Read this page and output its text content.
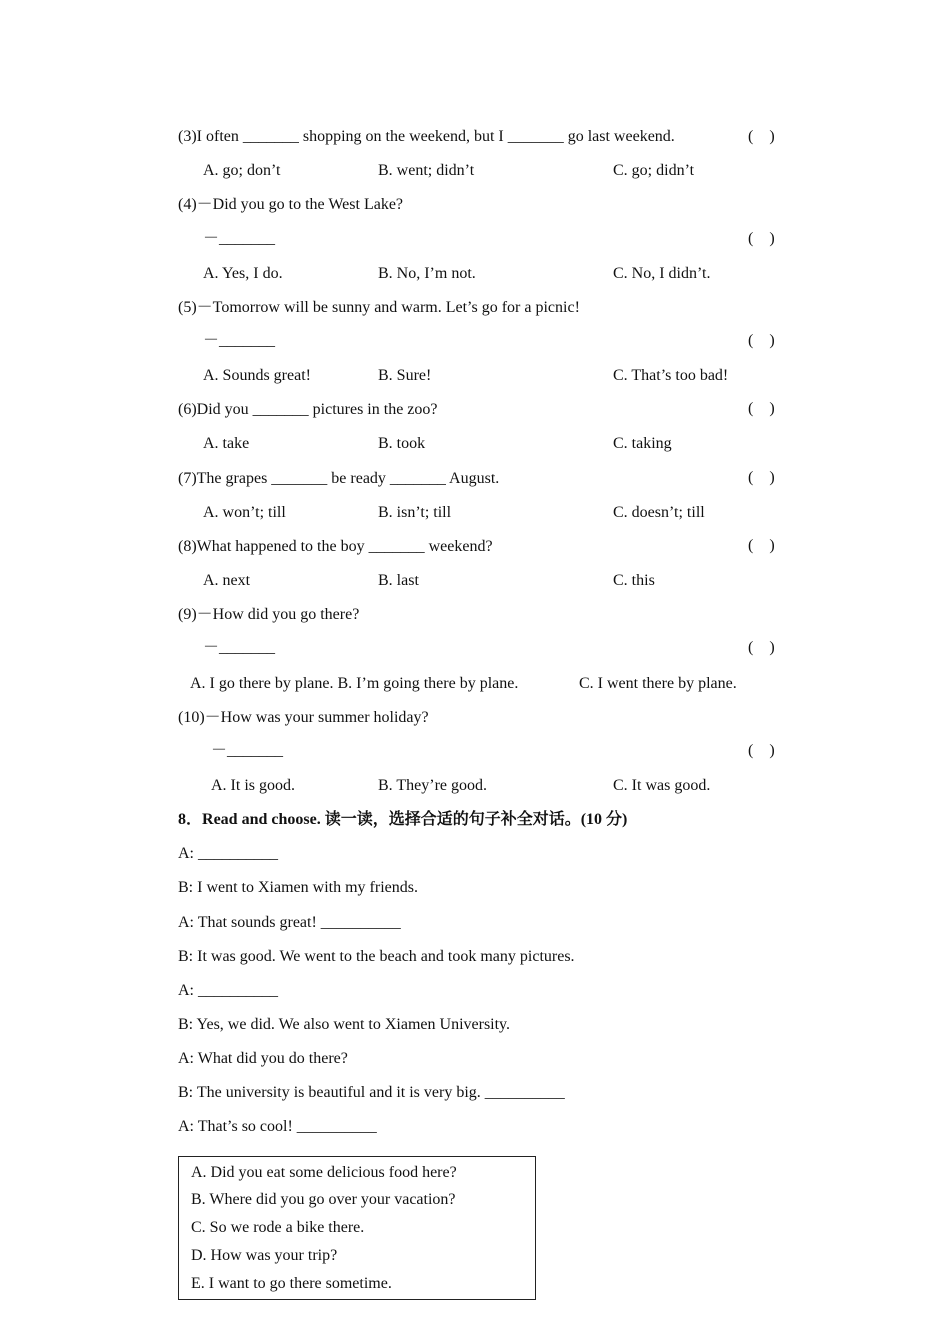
(3)I often _______ shopping on the weekend, but I _______ go last weekend.	(    )
A. go; don’t	B. went; didn’t	C. go; didn’t
(4)－Did you go to the West Lake?
－_______	(    )
A. Yes, I do.	B. No, I’m not.	C. No, I didn’t.
(5)－Tomorrow will be sunny and warm. Let’s go for a picnic!
－_______	(    )
A. Sounds great!	B. Sure!	C. That’s too bad!
(6)Did you _______ pictures in the zoo?	(    )
A. take	B. took	C. taking
(7)The grapes _______ be ready _______ August.	(    )
A. won’t; till	B. isn’t; till	C. doesn’t; till
(8)What happened to the boy _______ weekend?	(    )
A. next	B. last	C. this
(9)－How did you go there?
－_______	(    )
A. I go there by plane. B. I’m going there by plane.	C. I went there by plane.
(10)－How was your summer holiday?
－_______	(    )
A. It is good.	B. They’re good.	C. It was good.
8．Read and choose. 读一读，选择合适的句子补全对话。(10 分)
A: __________
B: I went to Xiamen with my friends.
A: That sounds great! __________
B: It was good. We went to the beach and took many pictures.
A: __________
B: Yes, we did. We also went to Xiamen University.
A: What did you do there?
B: The university is beautiful and it is very big. __________
A: That’s so cool! __________
A. Did you eat some delicious food here?
B. Where did you go over your vacation?
C. So we rode a bike there.
D. How was your trip?
E. I want to go there sometime.
